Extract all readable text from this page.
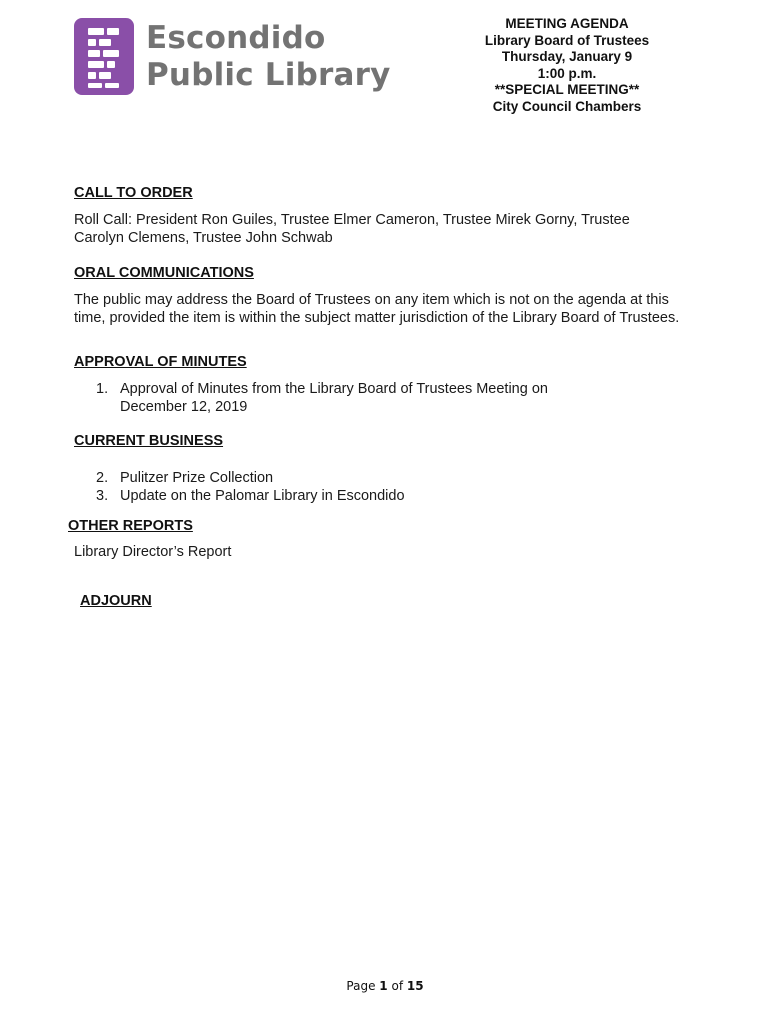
Escondido
Public Library
MEETING AGENDA
Library Board of Trustees
Thursday, January 9
1:00 p.m.
**SPECIAL MEETING**
City Council Chambers
CALL TO ORDER
Roll Call: President Ron Guiles, Trustee Elmer Cameron, Trustee Mirek Gorny, Trustee
Carolyn Clemens, Trustee John Schwab
ORAL COMMUNICATIONS
The public may address the Board of Trustees on any item which is not on the agenda at this
time, provided the item is within the subject matter jurisdiction of the Library Board of Trustees.
APPROVAL OF MINUTES
1. Approval of Minutes from the Library Board of Trustees Meeting on
December 12, 2019
CURRENT BUSINESS
2. Pulitzer Prize Collection
3. Update on the Palomar Library in Escondido
OTHER REPORTS
Library Director’s Report
ADJOURN
Page 1 of 15
